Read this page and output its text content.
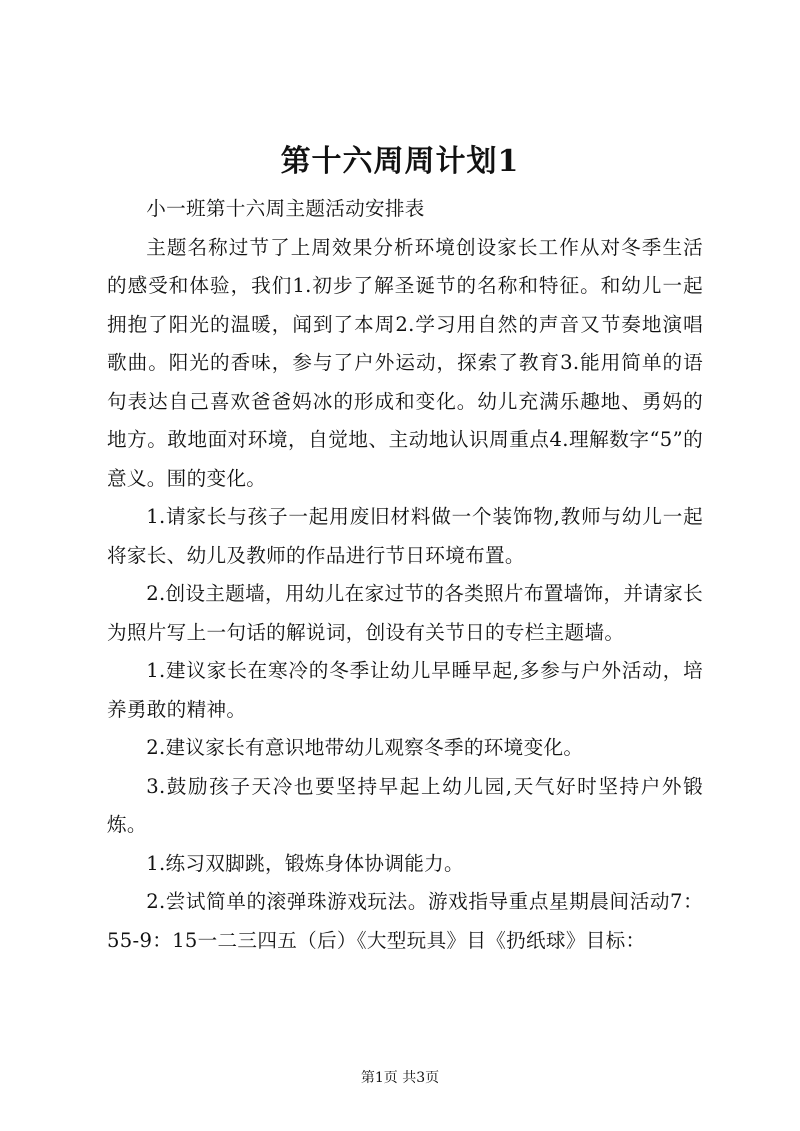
第十六周周计划1

小一班第十六周主题活动安排表

主题名称过节了上周效果分析环境创设家长工作从对冬季生活的感受和体验，我们1.初步了解圣诞节的名称和特征。和幼儿一起拥抱了阳光的温暖，闻到了本周2.学习用自然的声音又节奏地演唱歌曲。阳光的香味，参与了户外运动，探索了教育3.能用简单的语句表达自己喜欢爸爸妈冰的形成和变化。幼儿充满乐趣地、勇妈的地方。敢地面对环境，自觉地、主动地认识周重点4.理解数字“5”的意义。围的变化。

1.请家长与孩子一起用废旧材料做一个装饰物,教师与幼儿一起将家长、幼儿及教师的作品进行节日环境布置。

2.创设主题墙，用幼儿在家过节的各类照片布置墙饰，并请家长为照片写上一句话的解说词，创设有关节日的专栏主题墙。

1.建议家长在寒冷的冬季让幼儿早睡早起,多参与户外活动，培养勇敢的精神。

2.建议家长有意识地带幼儿观察冬季的环境变化。

3.鼓励孩子天冷也要坚持早起上幼儿园,天气好时坚持户外锻炼。

1.练习双脚跳，锻炼身体协调能力。

2.尝试简单的滚弹珠游戏玩法。游戏指导重点星期晨间活动7：55-9：15一二三四五（后）《大型玩具》目《扔纸球》目标：

第1页 共3页
